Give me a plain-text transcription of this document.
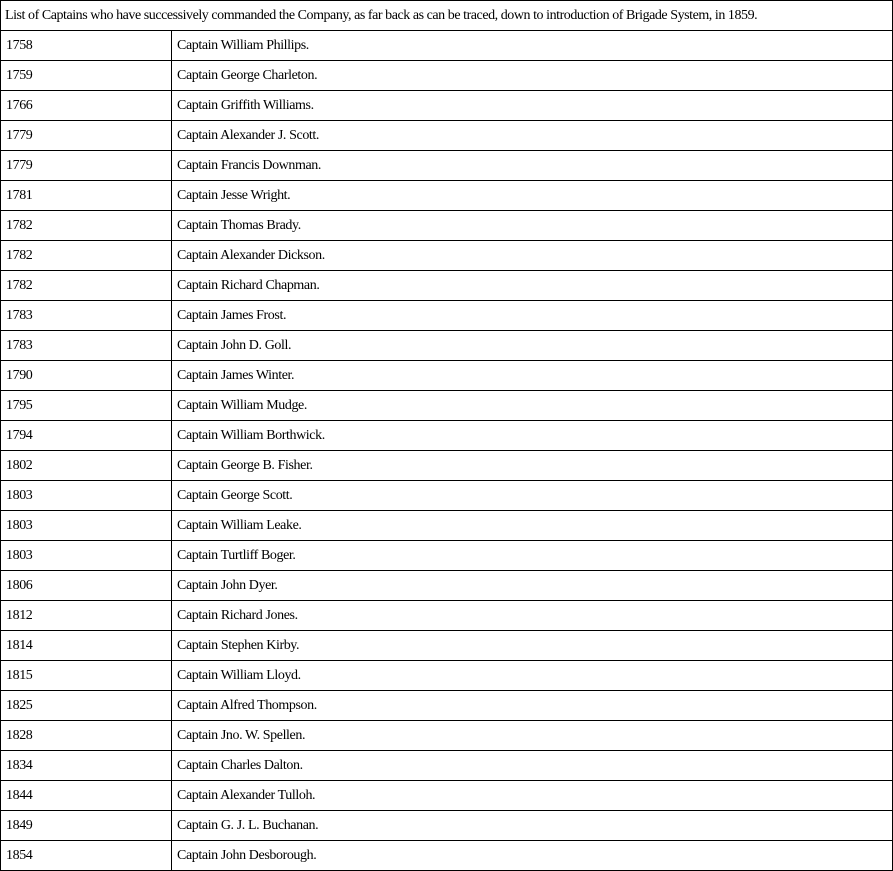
List of Captains who have successively commanded the Company, as far back as can be traced, down to introduction of Brigade System, in 1859.	
1758	Captain William Phillips.
1759	Captain George Charleton.
1766	Captain Griffith Williams.
1779	Captain Alexander J. Scott.
1779	Captain Francis Downman.
1781	Captain Jesse Wright.
1782	Captain Thomas Brady.
1782	Captain Alexander Dickson.
1782	Captain Richard Chapman.
1783	Captain James Frost.
1783	Captain John D. Goll.
1790	Captain James Winter.
1795	Captain William Mudge.
1794	Captain William Borthwick.
1802	Captain George B. Fisher.
1803	Captain George Scott.
1803	Captain William Leake.
1803	Captain Turtliff Boger.
1806	Captain John Dyer.
1812	Captain Richard Jones.
1814	Captain Stephen Kirby.
1815	Captain William Lloyd.
1825	Captain Alfred Thompson.
1828	Captain Jno. W. Spellen.
1834	Captain Charles Dalton.
1844	Captain Alexander Tulloh.
1849	Captain G. J. L. Buchanan.
1854	Captain John Desborough.
